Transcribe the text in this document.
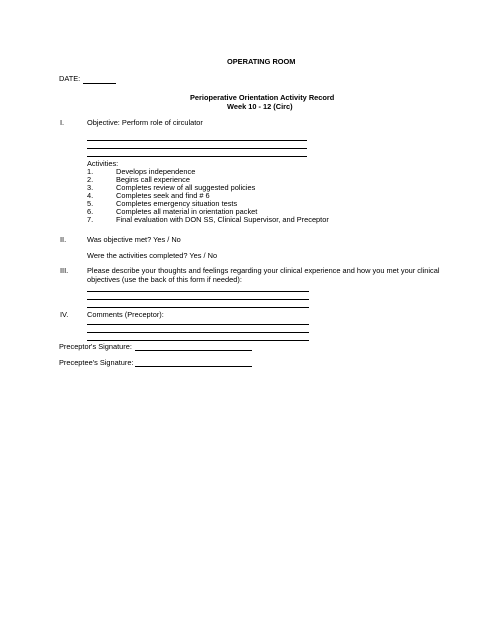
OPERATING ROOM
DATE:
Perioperative Orientation Activity Record
Week 10 - 12 (Circ)
I.	Objective: Perform role of circulator
Activities:
1.	Develops independence
2.	Begins call experience
3.	Completes review of all suggested policies
4.	Completes seek and find # 6
5.	Completes emergency situation tests
6.	Completes all material in orientation packet
7.	Final evaluation with DON SS, Clinical Supervisor, and Preceptor
II.	Was objective met? Yes / No
Were the activities completed? Yes / No
III.	Please describe your thoughts and feelings regarding your clinical experience and how you met your clinical
objectives (use the back of this form if needed):
IV.	Comments (Preceptor):
Preceptor's Signature:
Preceptee's Signature:
